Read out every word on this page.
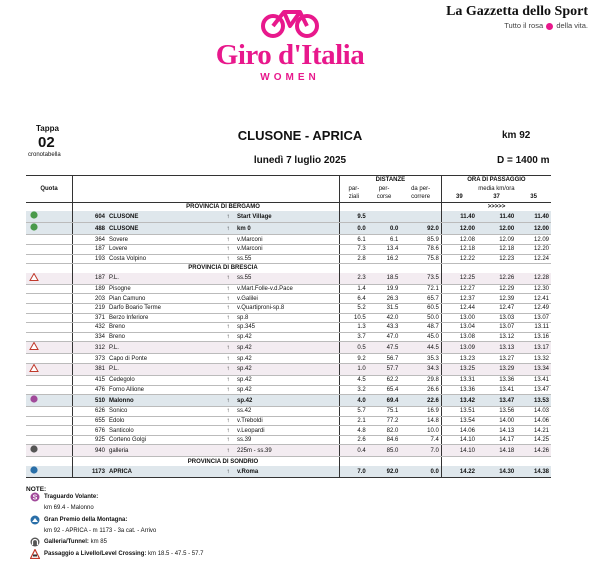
Giro d'Italia
WOMEN
La Gazzetta dello Sport
Tutto il rosa della vita.
Tappa
02
cronotabella
CLUSONE - APRICA	km 92
lunedì 7 luglio 2025	D = 1400 m
Quota					DISTANZE			ORA DI PASSAGGIO		
					par-	per-	da per-	media km/ora		
					ziali	corse	correre	39	37	35
		PROVINCIA DI BERGAMO							>>>>>	
	604	CLUSONE	↑	Start Village	9.5			11.40	11.40	11.40
	488	CLUSONE	↑	km 0	0.0	0.0	92.0	12.00	12.00	12.00
	364	Sovere	↑	v.Marconi	6.1	6.1	85.9	12.08	12.09	12.09
	187	Lovere	↑	v.Marconi	7.3	13.4	78.6	12.18	12.18	12.20
	193	Costa Volpino	↑	ss.55	2.8	16.2	75.8	12.22	12.23	12.24
		PROVINCIA DI BRESCIA								
	187	P.L.	↑	ss.55	2.3	18.5	73.5	12.25	12.26	12.28
	189	Pisogne	↑	v.Mart.Folle-v.d.Pace	1.4	19.9	72.1	12.27	12.29	12.30
	203	Pian Camuno	↑	v.Galilei	6.4	26.3	65.7	12.37	12.39	12.41
	219	Darfo Boario Terme	↑	v.Quartiproni-sp.8	5.2	31.5	60.5	12.44	12.47	12.49
	371	Berzo Inferiore	↑	sp.8	10.5	42.0	50.0	13.00	13.03	13.07
	432	Breno	↑	sp.345	1.3	43.3	48.7	13.04	13.07	13.11
	334	Breno	↑	sp.42	3.7	47.0	45.0	13.08	13.12	13.16
	312	P.L.	↑	sp.42	0.5	47.5	44.5	13.09	13.13	13.17
	373	Capo di Ponte	↑	sp.42	9.2	56.7	35.3	13.23	13.27	13.32
	381	P.L.	↑	sp.42	1.0	57.7	34.3	13.25	13.29	13.34
	415	Cedegolo	↑	sp.42	4.5	62.2	29.8	13.31	13.36	13.41
	476	Forno Allione	↑	sp.42	3.2	65.4	26.6	13.36	13.41	13.47
	510	Malonno	↑	sp.42	4.0	69.4	22.6	13.42	13.47	13.53
	626	Sonico	↑	ss.42	5.7	75.1	16.9	13.51	13.56	14.03
	655	Edolo	↑	v.Treboldi	2.1	77.2	14.8	13.54	14.00	14.06
	676	Santicolo	↑	v.Leopardi	4.8	82.0	10.0	14.06	14.13	14.21
	925	Corteno Golgi	↑	ss.39	2.6	84.6	7.4	14.10	14.17	14.25
	940	galleria	↑	225m - ss.39	0.4	85.0	7.0	14.10	14.18	14.26
		PROVINCIA DI SONDRIO								
	1173	APRICA	↑	v.Roma	7.0	92.0	0.0	14.22	14.30	14.38
NOTE:
S Traguardo Volante:
km 69.4 - Malonno
Gran Premio della Montagna:
km 92 - APRICA - m 1173 - 3a cat. - Arrivo
Galleria/Tunnel: km 85
Passaggio a Livello/Level Crossing: km 18.5 - 47.5 - 57.7
